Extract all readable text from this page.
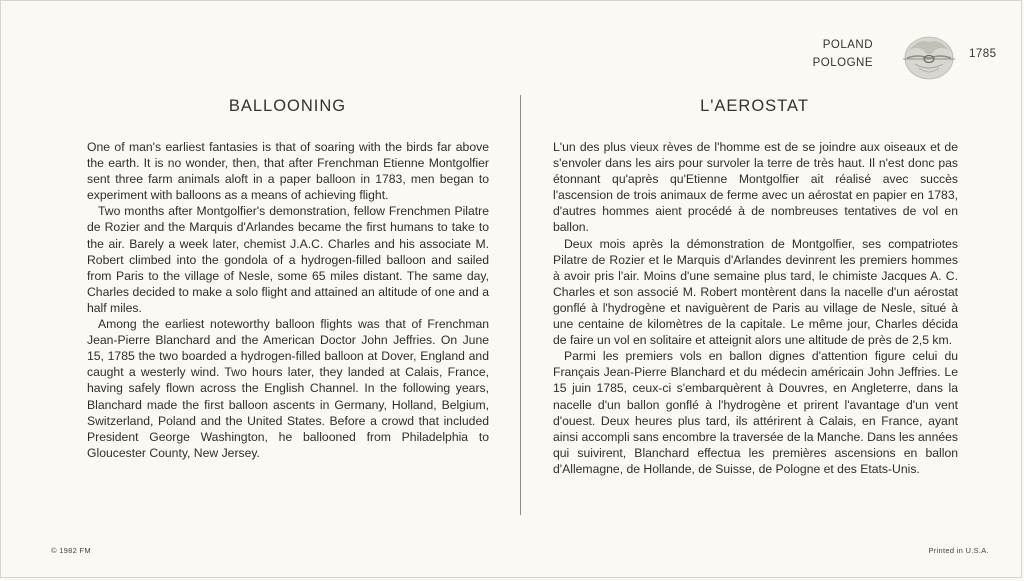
POLAND
POLOGNE
1785
BALLOONING	L'AEROSTAT

One of man's earliest fantasies is that of soaring with the birds far above the earth. It is no wonder, then, that after Frenchman Etienne Montgolfier sent three farm animals aloft in a paper balloon in 1783, men began to experiment with balloons as a means of achieving flight.

Two months after Montgolfier's demonstration, fellow Frenchmen Pilatre de Rozier and the Marquis d'Arlandes became the first humans to take to the air. Barely a week later, chemist J.A.C. Charles and his associate M. Robert climbed into the gondola of a hydrogen-filled balloon and sailed from Paris to the village of Nesle, some 65 miles distant. The same day, Charles decided to make a solo flight and attained an altitude of one and a half miles.

Among the earliest noteworthy balloon flights was that of Frenchman Jean-Pierre Blanchard and the American Doctor John Jeffries. On June 15, 1785 the two boarded a hydrogen-filled balloon at Dover, England and caught a westerly wind. Two hours later, they landed at Calais, France, having safely flown across the English Channel. In the following years, Blanchard made the first balloon ascents in Germany, Holland, Belgium, Switzerland, Poland and the United States. Before a crowd that included President George Washington, he ballooned from Philadelphia to Gloucester County, New Jersey.

L'un des plus vieux rèves de l'homme est de se joindre aux oiseaux et de s'envoler dans les airs pour survoler la terre de très haut. Il n'est donc pas étonnant qu'après qu'Etienne Montgolfier ait réalisé avec succès l'ascension de trois animaux de ferme avec un aérostat en papier en 1783, d'autres hommes aient procédé à de nombreuses tentatives de vol en ballon.

Deux mois après la démonstration de Montgolfier, ses compatriotes Pilatre de Rozier et le Marquis d'Arlandes devinrent les premiers hommes à avoir pris l'air. Moins d'une semaine plus tard, le chimiste Jacques A. C. Charles et son associé M. Robert montèrent dans la nacelle d'un aérostat gonflé à l'hydrogène et naviguèrent de Paris au village de Nesle, situé à une centaine de kilomètres de la capitale. Le même jour, Charles décida de faire un vol en solitaire et atteignit alors une altitude de près de 2,5 km.

Parmi les premiers vols en ballon dignes d'attention figure celui du Français Jean-Pierre Blanchard et du médecin américain John Jeffries. Le 15 juin 1785, ceux-ci s'embarquèrent à Douvres, en Angleterre, dans la nacelle d'un ballon gonflé à l'hydrogène et prirent l'avantage d'un vent d'ouest. Deux heures plus tard, ils attérirent à Calais, en France, ayant ainsi accompli sans encombre la traversée de la Manche. Dans les années qui suivirent, Blanchard effectua les premières ascensions en ballon d'Allemagne, de Hollande, de Suisse, de Pologne et des Etats-Unis.

© 1982 FM	Printed in U.S.A.
